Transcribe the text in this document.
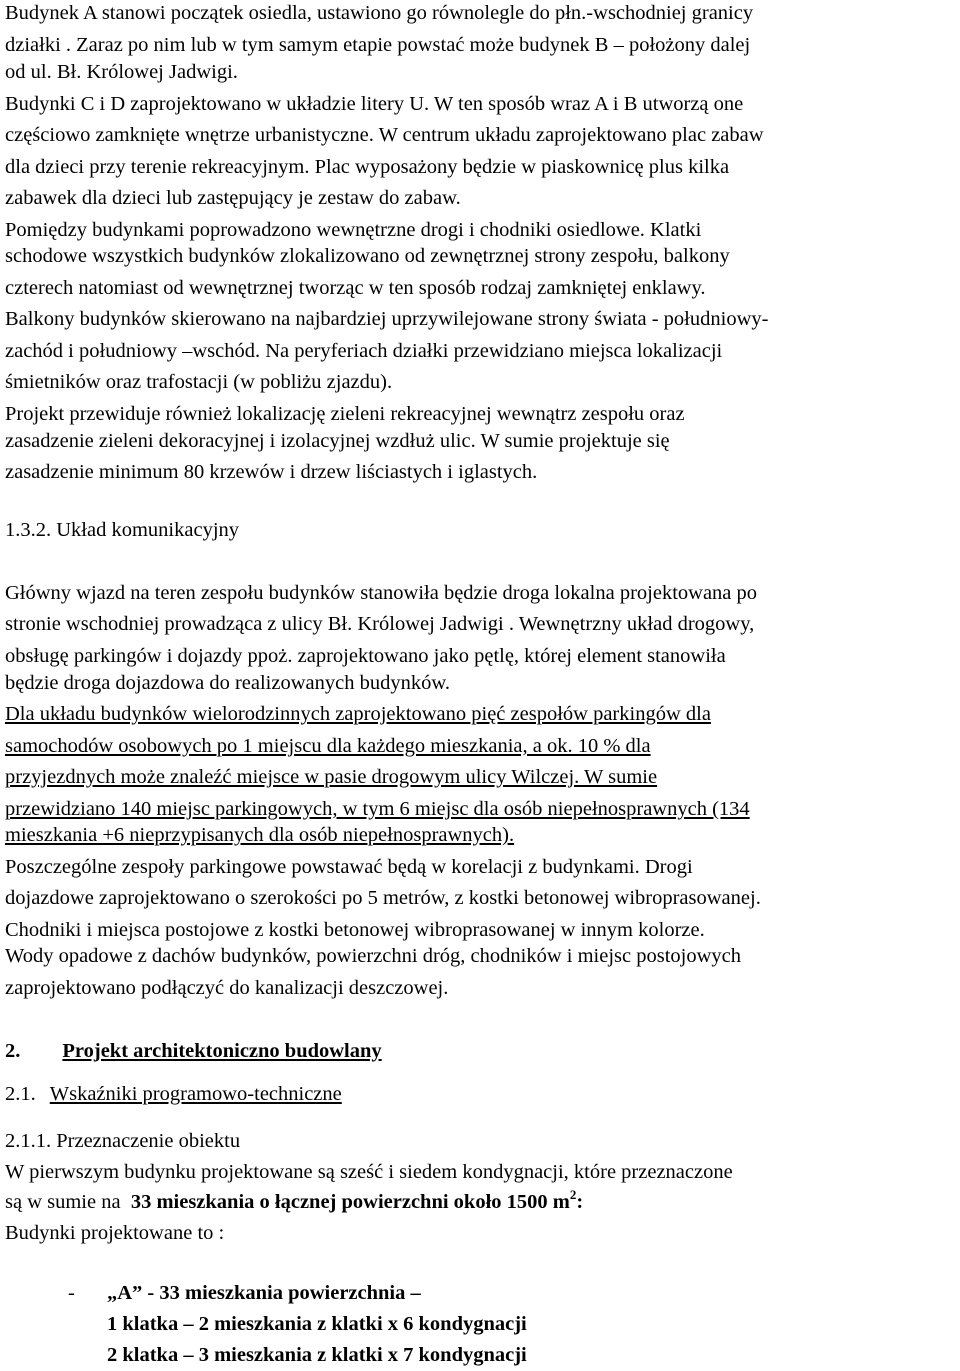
Budynek A stanowi początek osiedla, ustawiono go równolegle do płn.-wschodniej granicy
działki . Zaraz po nim lub w tym samym etapie powstać może budynek B – położony dalej
od ul. Bł. Królowej Jadwigi.
Budynki C i D zaprojektowano w układzie litery U. W ten sposób wraz A i B utworzą one
częściowo zamknięte wnętrze urbanistyczne. W centrum układu zaprojektowano plac zabaw
dla dzieci przy terenie rekreacyjnym. Plac wyposażony będzie w piaskownicę plus kilka
zabawek dla dzieci lub zastępujący je zestaw do zabaw.
Pomiędzy budynkami poprowadzono wewnętrzne drogi i chodniki osiedlowe. Klatki
schodowe wszystkich budynków zlokalizowano od zewnętrznej strony zespołu, balkony
czterech natomiast od wewnętrznej tworząc w ten sposób rodzaj zamkniętej enklawy.
Balkony budynków skierowano na najbardziej uprzywilejowane strony świata - południowy-
zachód i południowy –wschód. Na peryferiach działki przewidziano miejsca lokalizacji
śmietników oraz trafostacji (w pobliżu zjazdu).
Projekt przewiduje również lokalizację zieleni rekreacyjnej wewnątrz zespołu oraz
zasadzenie zieleni dekoracyjnej i izolacyjnej wzdłuż ulic. W sumie projektuje się
zasadzenie minimum 80 krzewów i drzew liściastych i iglastych.
1.3.2. Układ komunikacyjny
Główny wjazd na teren zespołu budynków stanowiła będzie droga lokalna projektowana po
stronie wschodniej prowadząca z ulicy Bł. Królowej Jadwigi . Wewnętrzny układ drogowy,
obsługę parkingów i dojazdy ppoż. zaprojektowano jako pętlę, której element stanowiła
będzie droga dojazdowa do realizowanych budynków.
Dla układu budynków wielorodzinnych zaprojektowano pięć zespołów parkingów dla
samochodów osobowych po 1 miejscu dla każdego mieszkania, a ok. 10 % dla
przyjezdnych może znaleźć miejsce w pasie drogowym ulicy Wilczej. W sumie
przewidziano 140 miejsc parkingowych, w tym 6 miejsc dla osób niepełnosprawnych (134
mieszkania +6 nieprzypisanych dla osób niepełnosprawnych).
Poszczególne zespoły parkingowe powstawać będą w korelacji z budynkami. Drogi
dojazdowe zaprojektowano o szerokości po 5 metrów, z kostki betonowej wibroprasowanej.
Chodniki i miejsca postojowe z kostki betonowej wibroprasowanej w innym kolorze.
Wody opadowe z dachów budynków, powierzchni dróg, chodników i miejsc postojowych
zaprojektowano podłączyć do kanalizacji deszczowej.
2. Projekt architektoniczno budowlany
2.1. Wskaźniki programowo-techniczne
2.1.1. Przeznaczenie obiektu
W pierwszym budynku projektowane są sześć i siedem kondygnacji, które przeznaczone
są w sumie na  33 mieszkania o łącznej powierzchni około 1500 $m^2$:
Budynki projektowane to :
- „A” - 33 mieszkania powierzchnia –
1 klatka – 2 mieszkania z klatki x 6 kondygnacji
2 klatka – 3 mieszkania z klatki x 7 kondygnacji
